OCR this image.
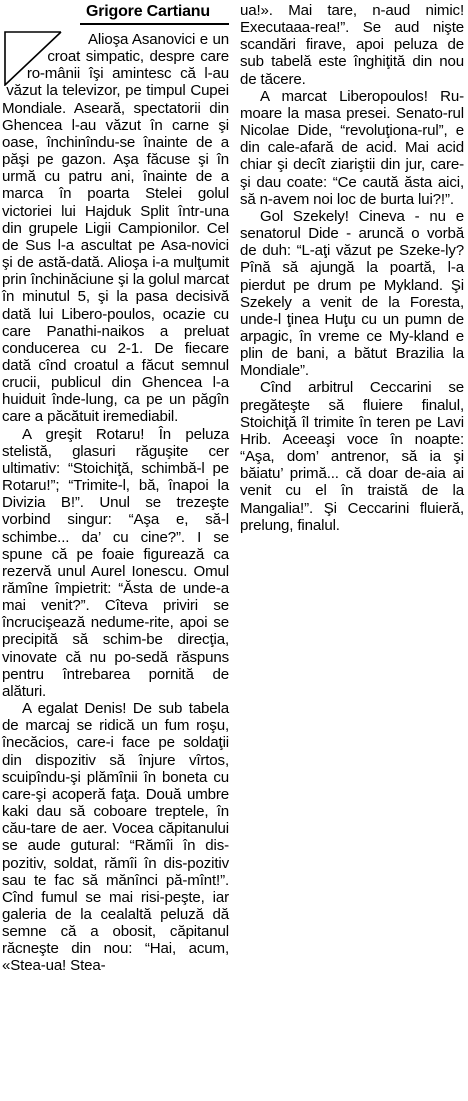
Grigore Cartianu

Alioşa Asanovici e un croat simpatic, despre care ro-mânii îşi amintesc că l-au văzut la televizor, pe timpul Cupei Mondiale. Aseară, spectatorii din Ghencea l-au văzut în carne şi oase, închinîndu-se înainte de a păşi pe gazon. Aşa făcuse şi în urmă cu patru ani, înainte de a marca în poarta Stelei golul victoriei lui Hajduk Split într-una din grupele Ligii Campionilor. Cel de Sus l-a ascultat pe Asa-novici şi de astă-dată. Alioşa i-a mulţumit prin închinăciune şi la golul marcat în minutul 5, şi la pasa decisivă dată lui Libero-poulos, ocazie cu care Panathi-naikos a preluat conducerea cu 2-1. De fiecare dată cînd croatul a făcut semnul crucii, publicul din Ghencea l-a huiduit înde-lung, ca pe un păgîn care a păcătuit iremediabil.

A greşit Rotaru! În peluza stelistă, glasuri răguşite cer ultimativ: “Stoichiţă, schimbă-l pe Rotaru!”; “Trimite-l, bă, înapoi la Divizia B!”. Unul se trezeşte vorbind singur: “Aşa e, să-l schimbe... da’ cu cine?”. I se spune că pe foaie figurează ca rezervă unul Aurel Ionescu. Omul rămîne împietrit: “Ăsta de unde-a mai venit?”. Cîteva priviri se încrucişează nedume-rite, apoi se precipită să schim-be direcţia, vinovate că nu po-sedă răspuns pentru întrebarea pornită de alături.

A egalat Denis! De sub tabela de marcaj se ridică un fum roşu, înecăcios, care-i face pe soldaţii din dispozitiv să înjure vîrtos, scuipîndu-şi plămînii în boneta cu care-şi acoperă faţa. Două umbre kaki dau să coboare treptele, în cău-tare de aer. Vocea căpitanului se aude gutural: “Rămîi în dis-pozitiv, soldat, rămîi în dis-pozitiv sau te fac să mănînci pă-mînt!”. Cînd fumul se mai risi-peşte, iar galeria de la cealaltă peluză dă semne că a obosit, căpitanul răcneşte din nou: “Hai, acum, «Stea-ua! Stea-

ua!». Mai tare, n-aud nimic! Executaaa-rea!”. Se aud nişte scandări firave, apoi peluza de sub tabelă este înghiţită din nou de tăcere.

A marcat Liberopoulos! Ru-moare la masa presei. Senato-rul Nicolae Dide, “revoluţiona-rul”, e din cale-afară de acid. Mai acid chiar şi decît ziariştii din jur, care-şi dau coate: “Ce caută ăsta aici, să n-avem noi loc de burta lui?!”.

Gol Szekely! Cineva - nu e senatorul Dide - aruncă o vorbă de duh: “L-aţi văzut pe Szeke-ly? Pînă să ajungă la poartă, l-a pierdut pe drum pe Mykland. Şi Szekely a venit de la Foresta, unde-l ţinea Huţu cu un pumn de arpagic, în vreme ce My-kland e plin de bani, a bătut Brazilia la Mondiale”.

Cînd arbitrul Ceccarini se pregăteşte să fluiere finalul, Stoichiţă îl trimite în teren pe Lavi Hrib. Aceeaşi voce în noapte: “Aşa, dom’ antrenor, să ia şi băiatu’ primă... că doar de-aia ai venit cu el în traistă de la Mangalia!”. Şi Ceccarini fluieră, prelung, finalul.
